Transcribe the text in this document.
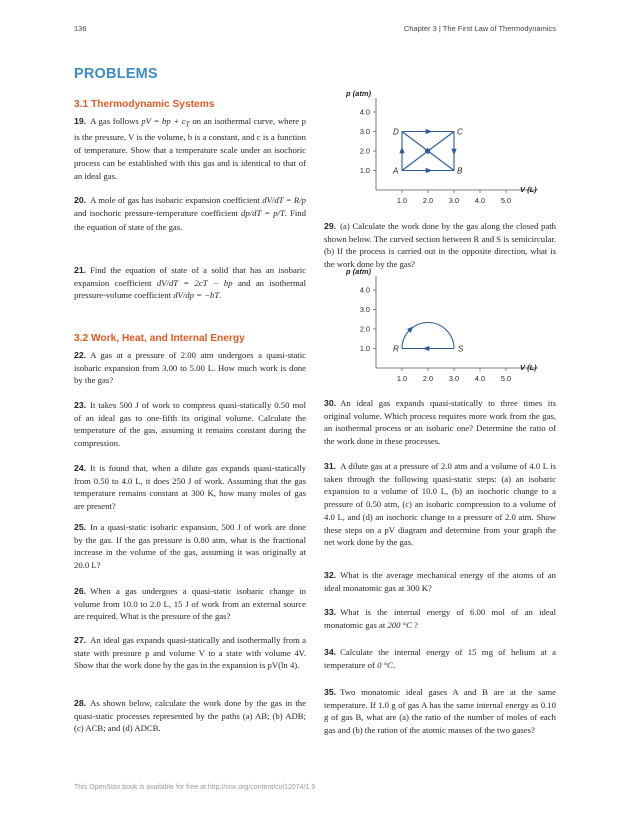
136	Chapter 3 | The First Law of Thermodynamics
This OpenStax book is available for free at http://cnx.org/content/col12074/1.9
PROBLEMS
3.1 Thermodynamic Systems
19. A gas follows pV = bp + $c_T$ on an isothermal curve, where p is the pressure, V is the volume, b is a constant, and c is a function of temperature. Show that a temperature scale under an isochoric process can be established with this gas and is identical to that of an ideal gas.
20. A mole of gas has isobaric expansion coefficient dV/dT = R/p and isochoric pressure-temperature coefficient dp/dT = p/T. Find the equation of state of the gas.
21. Find the equation of state of a solid that has an isobaric expansion coefficient dV/dT = 2cT − bp and an isothermal pressure-volume coefficient dV/dp = −bT.
3.2 Work, Heat, and Internal Energy
22. A gas at a pressure of 2.00 atm undergoes a quasi-static isobaric expansion from 3.00 to 5.00 L. How much work is done by the gas?
23. It takes 500 J of work to compress quasi-statically 0.50 mol of an ideal gas to one-fifth its original volume. Calculate the temperature of the gas, assuming it remains constant during the compression.
24. It is found that, when a dilute gas expands quasi-statically from 0.50 to 4.0 L, it does 250 J of work. Assuming that the gas temperature remains constant at 300 K, how many moles of gas are present?
25. In a quasi-static isobaric expansion, 500 J of work are done by the gas. If the gas pressure is 0.80 atm, what is the fractional increase in the volume of the gas, assuming it was originally at 20.0 L?
26. When a gas undergoes a quasi-static isobaric change in volume from 10.0 to 2.0 L, 15 J of work from an external source are required. What is the pressure of the gas?
27. An ideal gas expands quasi-statically and isothermally from a state with pressure p and volume V to a state with volume 4V. Show that the work done by the gas in the expansion is pV(ln 4).
28. As shown below, calculate the work done by the gas in the quasi-static processes represented by the paths (a) AB; (b) ADB; (c) ACB; and (d) ADCB.
p (atm)
V (L)
1.0 2.0 3.0 4.0 5.0
1.0
2.0
3.0
4.0
A	B
C
D
29. (a) Calculate the work done by the gas along the closed path shown below. The curved section between R and S is semicircular. (b) If the process is carried out in the opposite direction, what is the work done by the gas?
p (atm)
V (L)
1.0 2.0 3.0 4.0 5.0
1.0
2.0
3.0
4.0
R	S
30. An ideal gas expands quasi-statically to three times its original volume. Which process requires more work from the gas, an isothermal process or an isobaric one? Determine the ratio of the work done in these processes.
31. A dilute gas at a pressure of 2.0 atm and a volume of 4.0 L is taken through the following quasi-static steps: (a) an isobaric expansion to a volume of 10.0 L, (b) an isochoric change to a pressure of 0.50 atm, (c) an isobaric compression to a volume of 4.0 L, and (d) an isochoric change to a pressure of 2.0 atm. Show these steps on a pV diagram and determine from your graph the net work done by the gas.
32. What is the average mechanical energy of the atoms of an ideal monatomic gas at 300 K?
33. What is the internal energy of 6.00 mol of an ideal monatomic gas at 200 °C ?
34. Calculate the internal energy of 15 mg of helium at a temperature of 0 °C.
35. Two monatomic ideal gases A and B are at the same temperature. If 1.0 g of gas A has the same internal energy as 0.10 g of gas B, what are (a) the ratio of the number of moles of each gas and (b) the ration of the atomic masses of the two gases?
